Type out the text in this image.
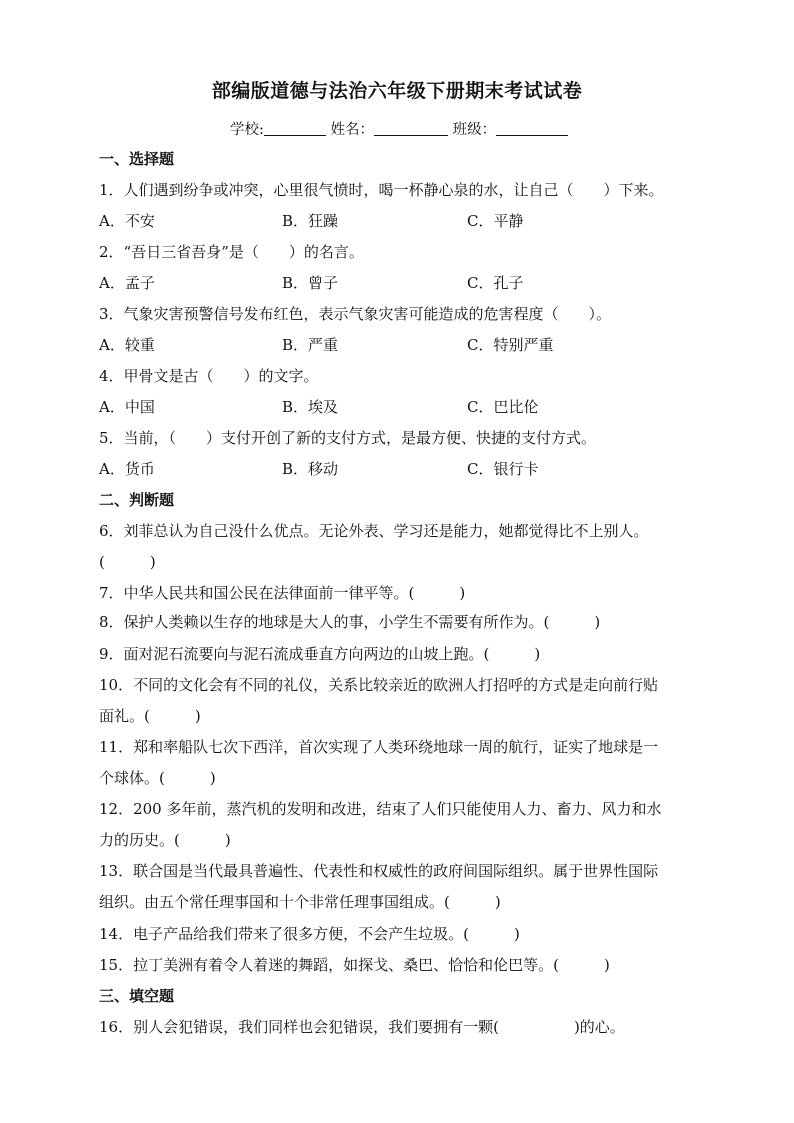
部编版道德与法治六年级下册期末考试试卷
学校:	姓名：	班级：
一、选择题
1．人们遇到纷争或冲突，心里很气愤时，喝一杯静心泉的水，让自己（　　）下来。
A．不安	B．狂躁	C．平静
2．“吾日三省吾身”是（　　）的名言。
A．孟子	B．曾子	C．孔子
3．气象灾害预警信号发布红色，表示气象灾害可能造成的危害程度（　　）。
A．较重	B．严重	C．特别严重
4．甲骨文是古（　　）的文字。
A．中国	B．埃及	C．巴比伦
5．当前，（　　）支付开创了新的支付方式，是最方便、快捷的支付方式。
A．货币	B．移动	C．银行卡
二、判断题
6．刘菲总认为自己没什么优点。无论外表、学习还是能力，她都觉得比不上别人。
(　　　)
7．中华人民共和国公民在法律面前一律平等。(　　　)
8．保护人类赖以生存的地球是大人的事，小学生不需要有所作为。(　　　)
9．面对泥石流要向与泥石流成垂直方向两边的山坡上跑。(　　　)
10．不同的文化会有不同的礼仪，关系比较亲近的欧洲人打招呼的方式是走向前行贴
面礼。(　　　)
11．郑和率船队七次下西洋，首次实现了人类环绕地球一周的航行，证实了地球是一
个球体。(　　　)
12．200 多年前，蒸汽机的发明和改进，结束了人们只能使用人力、畜力、风力和水
力的历史。(　　　)
13．联合国是当代最具普遍性、代表性和权威性的政府间国际组织。属于世界性国际
组织。由五个常任理事国和十个非常任理事国组成。(　　　)
14．电子产品给我们带来了很多方便，不会产生垃圾。(　　　)
15．拉丁美洲有着令人着迷的舞蹈，如探戈、桑巴、恰恰和伦巴等。(　　　)
三、填空题
16．别人会犯错误，我们同样也会犯错误，我们要拥有一颗(　　　　　)的心。
